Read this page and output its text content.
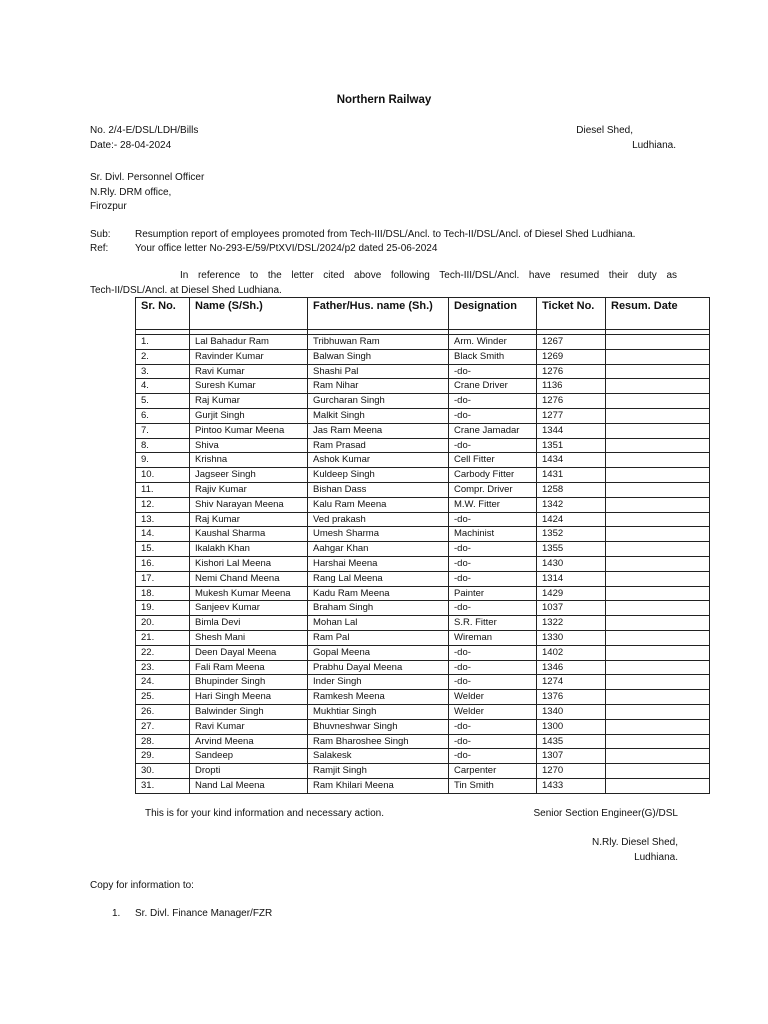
Northern Railway
No. 2/4-E/DSL/LDH/Bills
Date:- 28-04-2024
Diesel Shed,
Ludhiana.
Sr. Divl. Personnel Officer
N.Rly. DRM office,
Firozpur
Sub: Resumption report of employees promoted from Tech-III/DSL/Ancl. to Tech-II/DSL/Ancl. of Diesel Shed Ludhiana.
Ref:	Your office letter No-293-E/59/PtXVI/DSL/2024/p2 dated 25-06-2024
In reference to the letter cited above following Tech-III/DSL/Ancl. have resumed their duty as
Tech-II/DSL/Ancl. at Diesel Shed Ludhiana.
Sr. No.	Name (S/Sh.)	Father/Hus. name (Sh.)	Designation	Ticket No.	Resum. Date

1.	Lal Bahadur Ram	Tribhuwan Ram	Arm. Winder	1267	
2.	Ravinder Kumar	Balwan Singh	Black Smith	1269	
3.	Ravi Kumar	Shashi Pal	-do-	1276	
4.	Suresh Kumar	Ram Nihar	Crane Driver	1136	
5.	Raj Kumar	Gurcharan Singh	-do-	1276	
6.	Gurjit Singh	Malkit Singh	-do-	1277	
7.	Pintoo Kumar Meena	Jas Ram Meena	Crane Jamadar	1344	
8.	Shiva	Ram Prasad	-do-	1351	
9.	Krishna	Ashok Kumar	Cell Fitter	1434	
10.	Jagseer Singh	Kuldeep Singh	Carbody Fitter	1431	
11.	Rajiv Kumar	Bishan Dass	Compr. Driver	1258	
12.	Shiv Narayan Meena	Kalu Ram Meena	M.W. Fitter	1342	
13.	Raj Kumar	Ved prakash	-do-	1424	
14.	Kaushal Sharma	Umesh Sharma	Machinist	1352	
15.	Ikalakh Khan	Aahgar Khan	-do-	1355	
16.	Kishori Lal Meena	Harshai Meena	-do-	1430	
17.	Nemi Chand Meena	Rang Lal Meena	-do-	1314	
18.	Mukesh Kumar Meena	Kadu Ram Meena	Painter	1429	
19.	Sanjeev Kumar	Braham Singh	-do-	1037	
20.	Bimla Devi	Mohan Lal	S.R. Fitter	1322	
21.	Shesh Mani	Ram Pal	Wireman	1330	
22.	Deen Dayal Meena	Gopal Meena	-do-	1402	
23.	Fali Ram Meena	Prabhu Dayal Meena	-do-	1346	
24.	Bhupinder Singh	Inder Singh	-do-	1274	
25.	Hari Singh Meena	Ramkesh Meena	Welder	1376	
26.	Balwinder Singh	Mukhtiar Singh	Welder	1340	
27.	Ravi Kumar	Bhuvneshwar Singh	-do-	1300	
28.	Arvind Meena	Ram Bharoshee Singh	-do-	1435	
29.	Sandeep	Salakesk	-do-	1307	
30.	Dropti	Ramjit Singh	Carpenter	1270	
31.	Nand Lal Meena	Ram Khilari Meena	Tin Smith	1433	
This is for your kind information and necessary action.	Senior Section Engineer(G)/DSL
N.Rly. Diesel Shed,
Ludhiana.
Copy for information to:
1. Sr. Divl. Finance Manager/FZR
